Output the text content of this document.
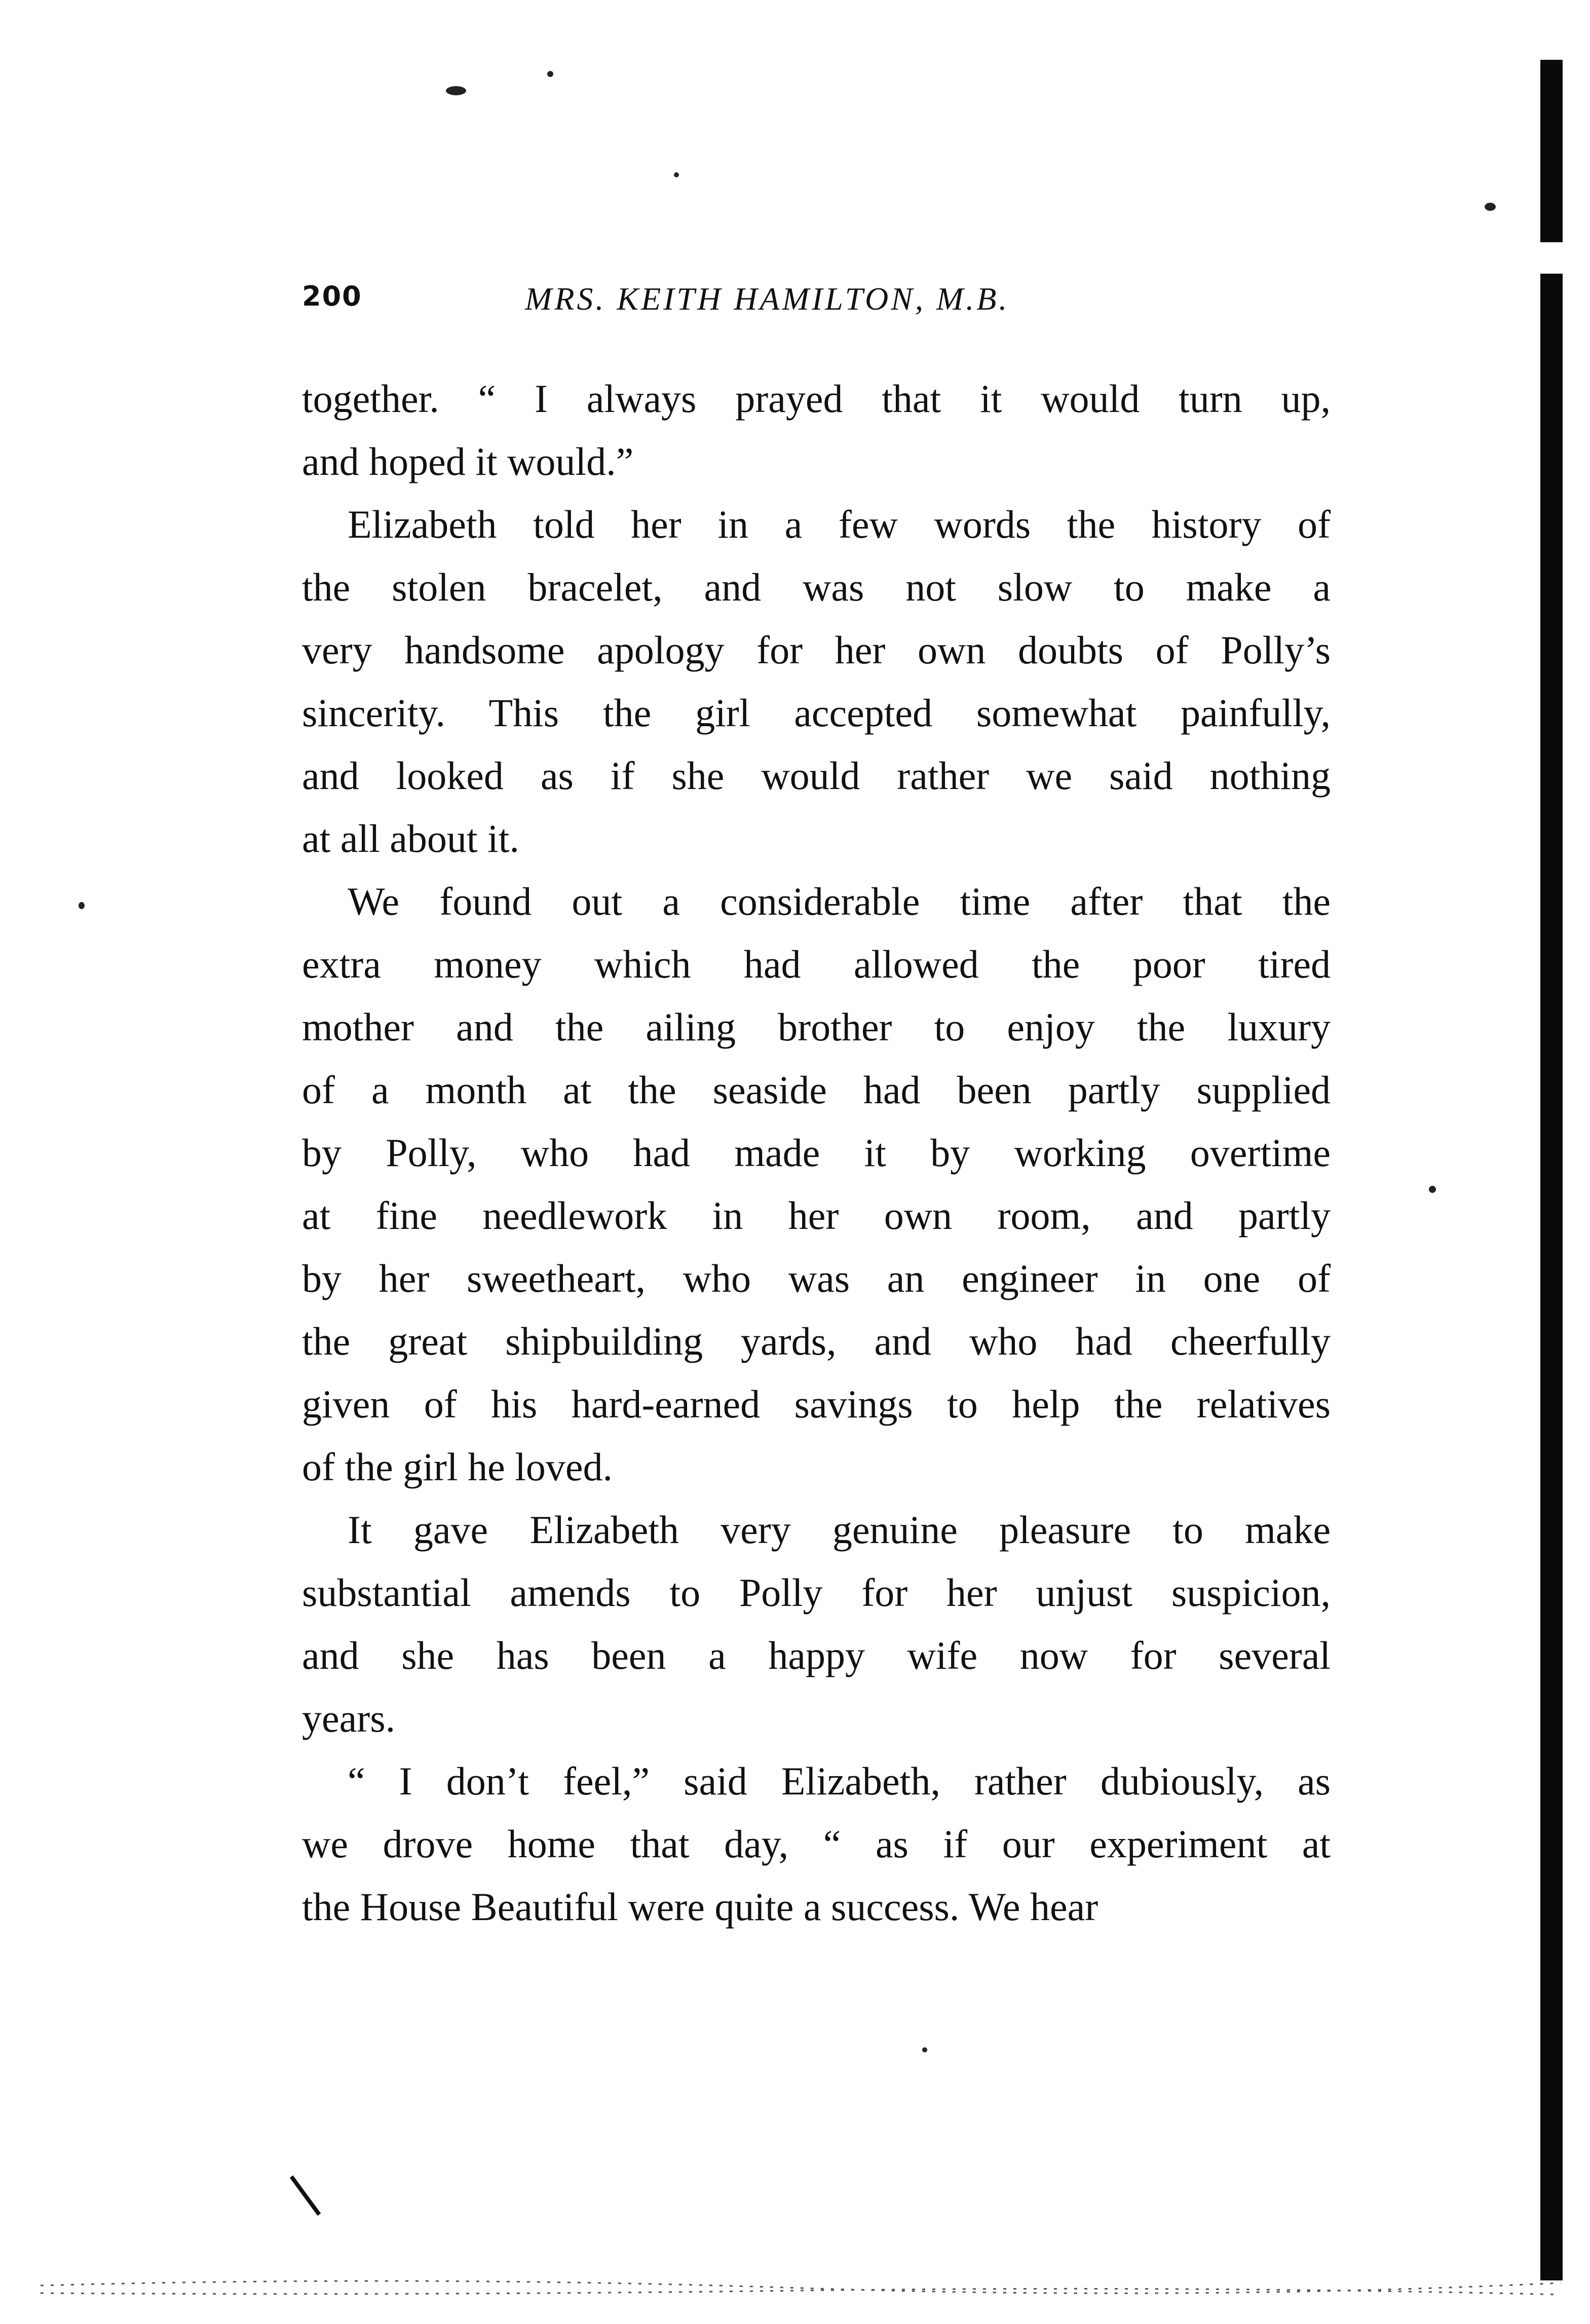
200	MRS. KEITH HAMILTON, M.B.
together. “ I always prayed that it would turn up,
and hoped it would.”
Elizabeth told her in a few words the history of
the stolen bracelet, and was not slow to make a
very handsome apology for her own doubts of Polly’s
sincerity. This the girl accepted somewhat painfully,
and looked as if she would rather we said nothing
at all about it.
We found out a considerable time after that the
extra money which had allowed the poor tired
mother and the ailing brother to enjoy the luxury
of a month at the seaside had been partly supplied
by Polly, who had made it by working overtime
at fine needlework in her own room, and partly
by her sweetheart, who was an engineer in one of
the great shipbuilding yards, and who had cheerfully
given of his hard-earned savings to help the relatives
of the girl he loved.
It gave Elizabeth very genuine pleasure to make
substantial amends to Polly for her unjust suspicion,
and she has been a happy wife now for several
years.
“ I don’t feel,” said Elizabeth, rather dubiously, as
we drove home that day, “ as if our experiment at
the House Beautiful were quite a success. We hear
